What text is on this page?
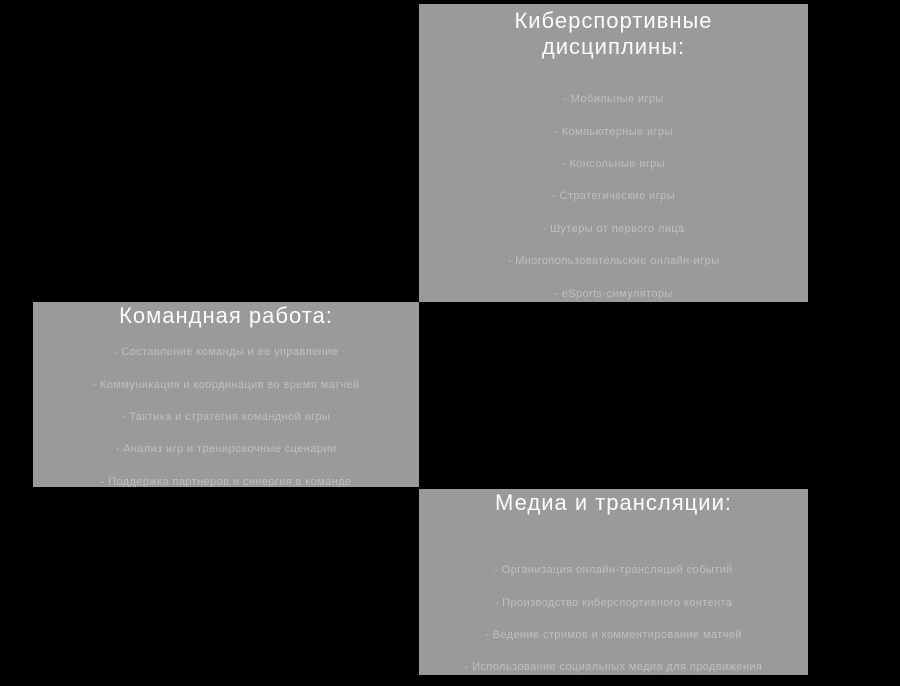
Киберспортивные дисциплины:
- Мобильные игры
- Компьютерные игры
- Консольные игры
- Стратегические игры
- Шутеры от первого лица
- Многопользовательские онлайн-игры
- eSports-симуляторы
Командная работа:
- Составление команды и ее управление
- Коммуникация и координация во время матчей
- Тактика и стратегия командной игры
- Анализ игр и тренировочные сценарии
- Поддержка партнеров и синергия в команде
Медиа и трансляции:
- Организация онлайн-трансляций событий
- Производство киберспортивного контента
- Ведение стримов и комментирование матчей
- Использование социальных медиа для продвижения
